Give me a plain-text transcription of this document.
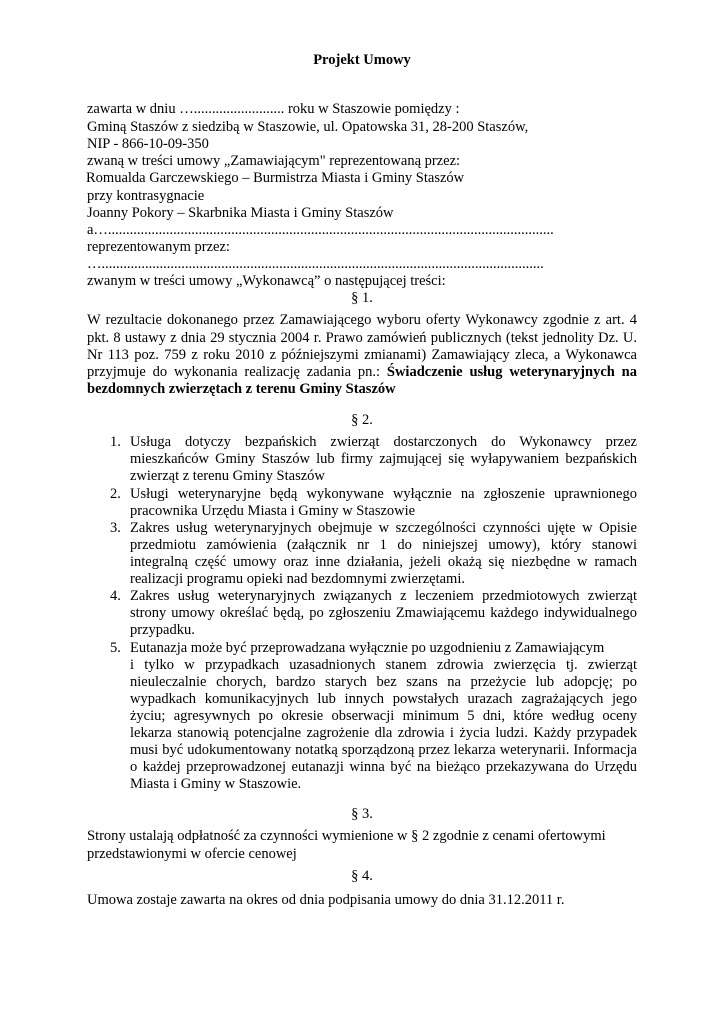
Projekt Umowy
zawarta w dniu …......................... roku w Staszowie pomiędzy :
Gminą Staszów z siedzibą w Staszowie, ul. Opatowska 31, 28-200 Staszów,
NIP - 866-10-09-350
zwaną w treści umowy „Zamawiającym" reprezentowaną przez:
Romualda Garczewskiego – Burmistrza Miasta i Gminy Staszów
przy kontrasygnacie
Joanny Pokory – Skarbnika Miasta i Gminy Staszów
a…...........................................................................................................................
reprezentowanym przez:
…..........................................................................................................................
zwanym w treści umowy „Wykonawcą” o następującej treści:
§ 1.
W rezultacie dokonanego przez Zamawiającego wyboru oferty Wykonawcy zgodnie z art. 4
pkt. 8 ustawy z dnia 29 stycznia 2004 r. Prawo zamówień publicznych (tekst jednolity Dz. U.
Nr 113 poz. 759 z roku 2010 z późniejszymi zmianami) Zamawiający zleca, a Wykonawca
przyjmuje do wykonania realizację zadania pn.: Świadczenie usług weterynaryjnych na
bezdomnych zwierzętach z terenu Gminy Staszów
§ 2.
1. Usługa dotyczy bezpańskich zwierząt dostarczonych do Wykonawcy przez
mieszkańców Gminy Staszów lub firmy zajmującej się wyłapywaniem bezpańskich
zwierząt z terenu Gminy Staszów
2. Usługi weterynaryjne będą wykonywane wyłącznie na zgłoszenie uprawnionego
pracownika Urzędu Miasta i Gminy w Staszowie
3. Zakres usług weterynaryjnych obejmuje w szczególności czynności ujęte w Opisie
przedmiotu zamówienia (załącznik nr 1 do niniejszej umowy), który stanowi
integralną część umowy oraz inne działania, jeżeli okażą się niezbędne w ramach
realizacji programu opieki nad bezdomnymi zwierzętami.
4. Zakres usług weterynaryjnych związanych z leczeniem przedmiotowych zwierząt
strony umowy określać będą, po zgłoszeniu Zmawiającemu każdego indywidualnego
przypadku.
5. Eutanazja może być przeprowadzana wyłącznie po uzgodnieniu z Zamawiającym
i tylko w przypadkach uzasadnionych stanem zdrowia zwierzęcia tj. zwierząt
nieuleczalnie chorych, bardzo starych bez szans na przeżycie lub adopcję; po
wypadkach komunikacyjnych lub innych powstałych urazach zagrażających jego
życiu; agresywnych po okresie obserwacji minimum 5 dni, które według oceny
lekarza stanowią potencjalne zagrożenie dla zdrowia i życia ludzi. Każdy przypadek
musi być udokumentowany notatką sporządzoną przez lekarza weterynarii. Informacja
o każdej przeprowadzonej eutanazji winna być na bieżąco przekazywana do Urzędu
Miasta i Gminy w Staszowie.
§ 3.
Strony ustalają odpłatność za czynności wymienione w § 2 zgodnie z cenami ofertowymi
przedstawionymi w ofercie cenowej
§ 4.
Umowa zostaje zawarta na okres od dnia podpisania umowy do dnia 31.12.2011 r.
